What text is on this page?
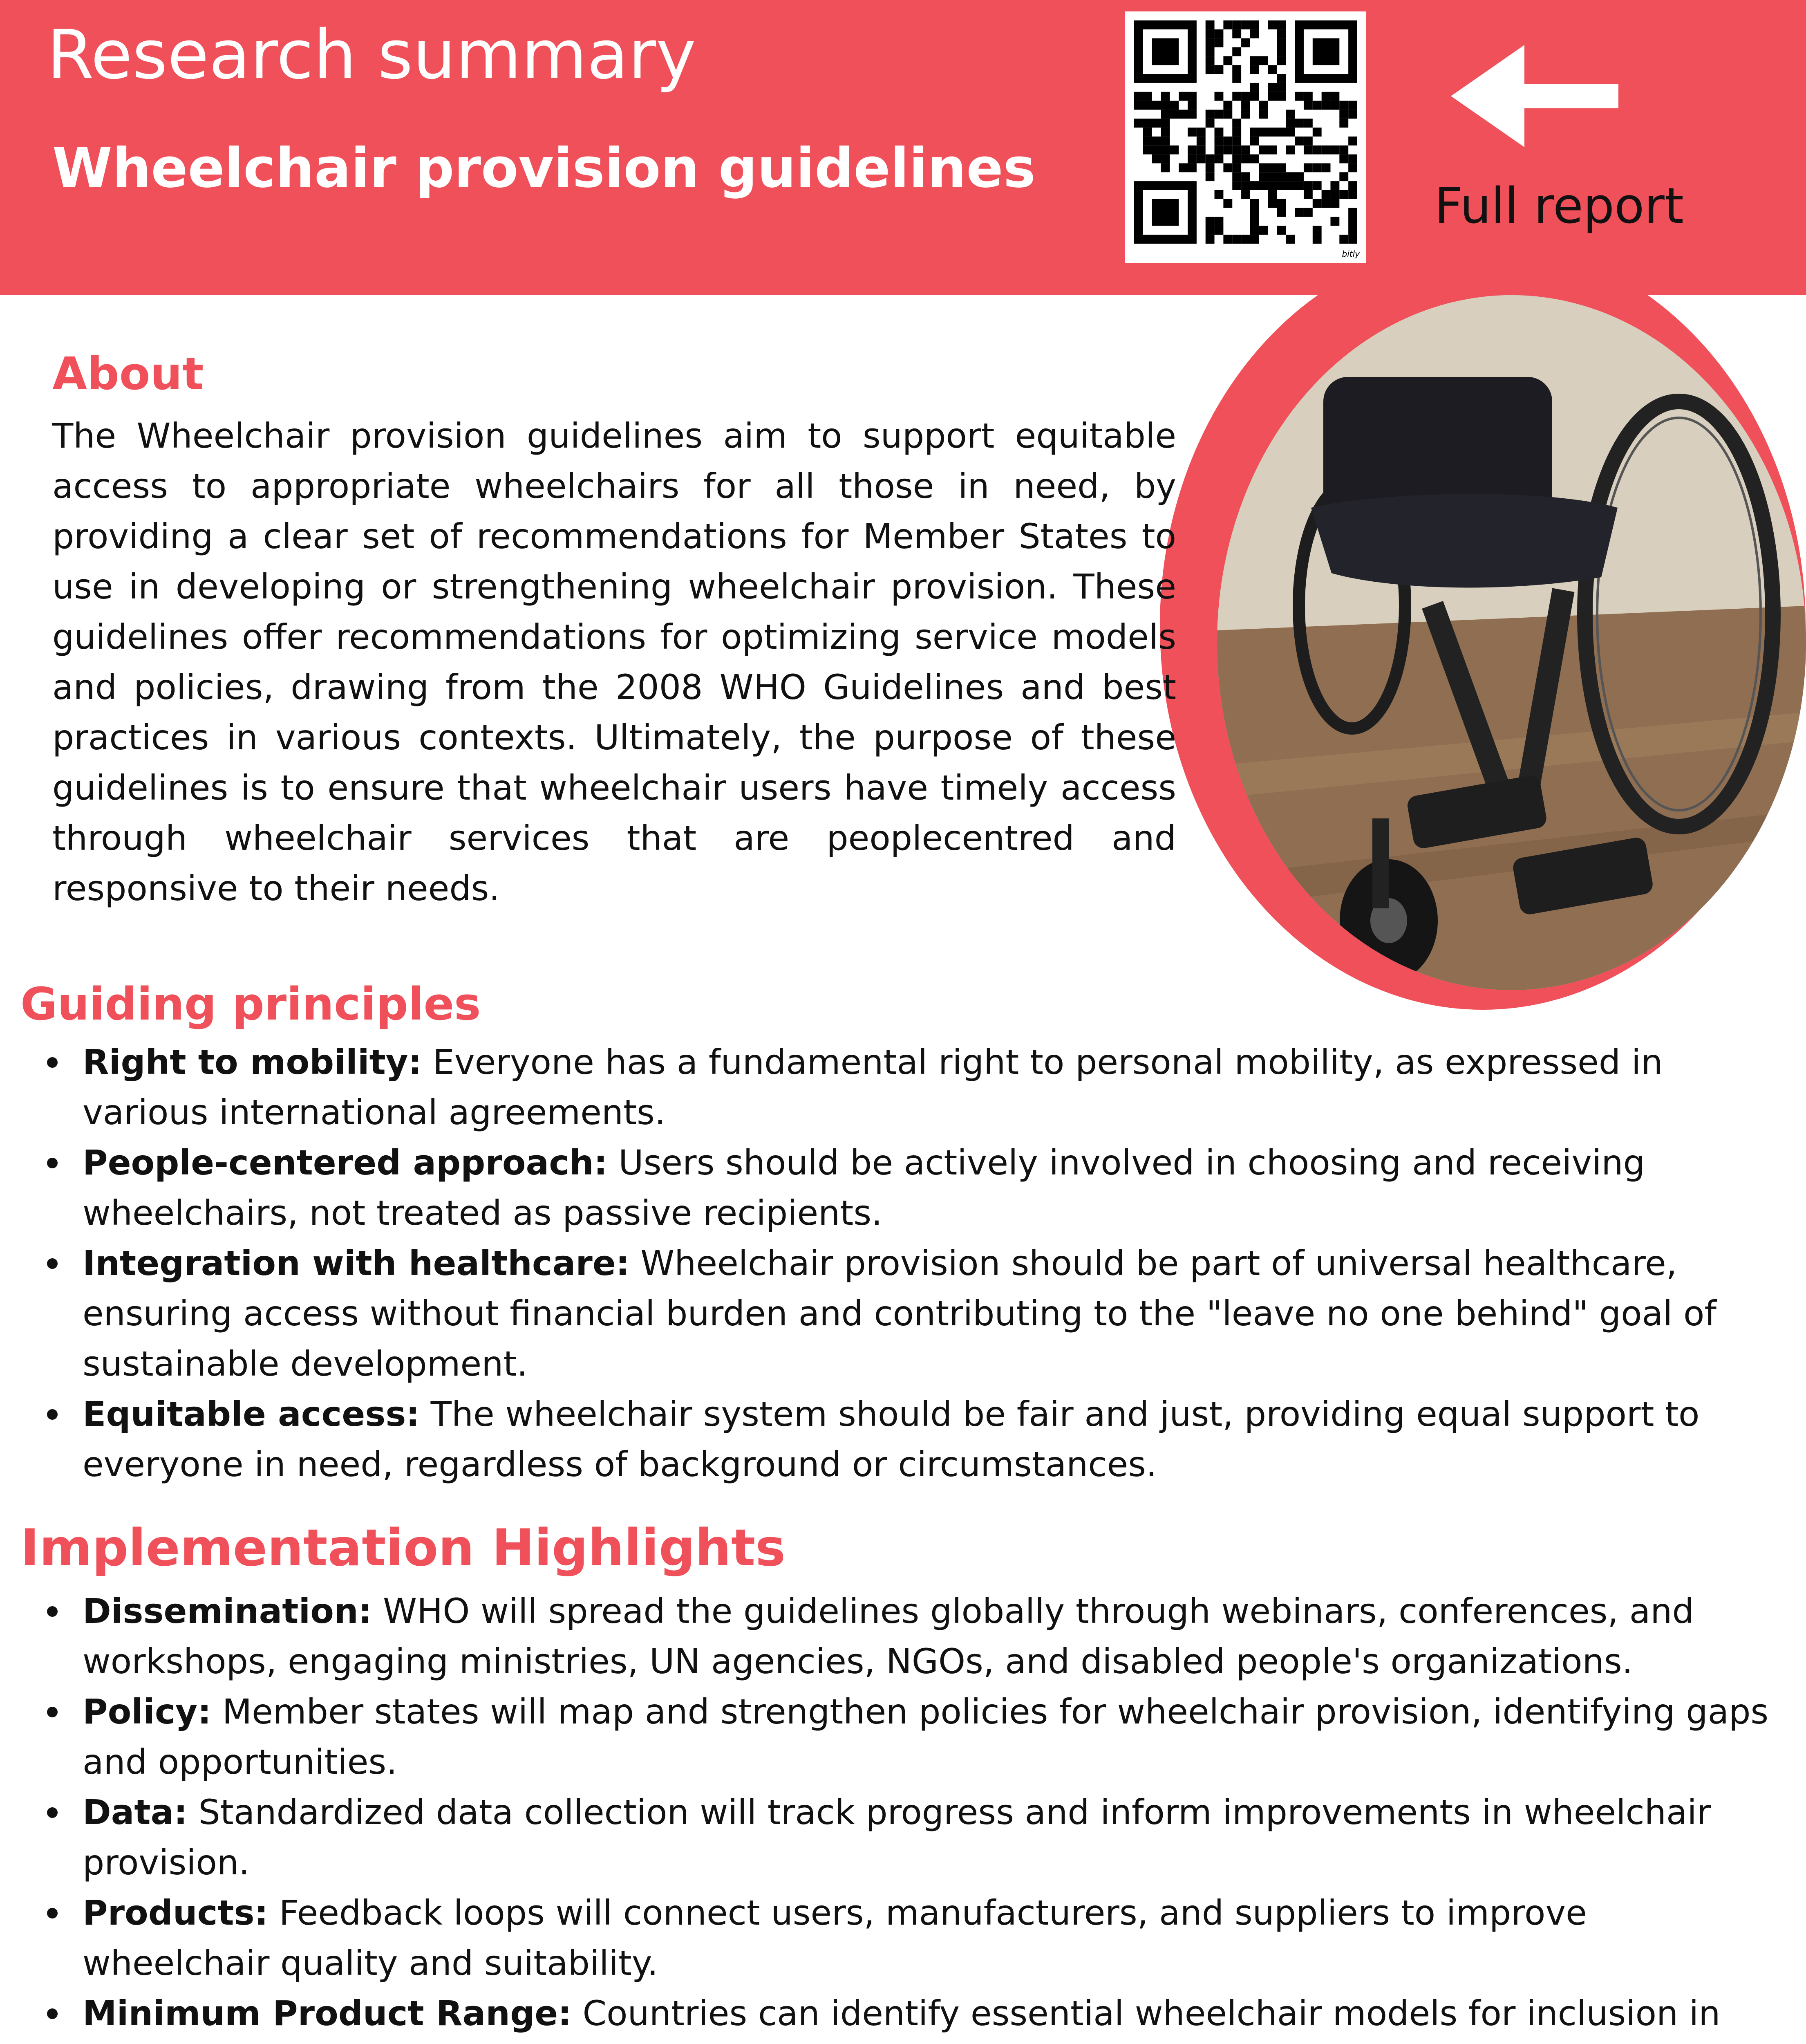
Research summary
Wheelchair provision guidelines
bitly
Full report
About

The Wheelchair provision guidelines aim to support equitable access to appropriate wheelchairs for all those in need, by providing a clear set of recommendations for Member States to use in developing or strengthening wheelchair provision. These guidelines offer recommendations for optimizing service models and policies, drawing from the 2008 WHO Guidelines and best practices in various contexts. Ultimately, the purpose of these guidelines is to ensure that wheelchair users have timely access through wheelchair services that are peoplecentred and responsive to their needs.

Guiding principles
Right to mobility: Everyone has a fundamental right to personal mobility, as expressed in various international agreements.
People-centered approach: Users should be actively involved in choosing and receiving wheelchairs, not treated as passive recipients.
Integration with healthcare: Wheelchair provision should be part of universal healthcare, ensuring access without financial burden and contributing to the "leave no one behind" goal of sustainable development.
Equitable access: The wheelchair system should be fair and just, providing equal support to everyone in need, regardless of background or circumstances.
Implementation Highlights
Dissemination: WHO will spread the guidelines globally through webinars, conferences, and workshops, engaging ministries, UN agencies, NGOs, and disabled people's organizations.
Policy: Member states will map and strengthen policies for wheelchair provision, identifying gaps and opportunities.
Data: Standardized data collection will track progress and inform improvements in wheelchair provision.
Products: Feedback loops will connect users, manufacturers, and suppliers to improve wheelchair quality and suitability.
Minimum Product Range: Countries can identify essential wheelchair models for inclusion in
